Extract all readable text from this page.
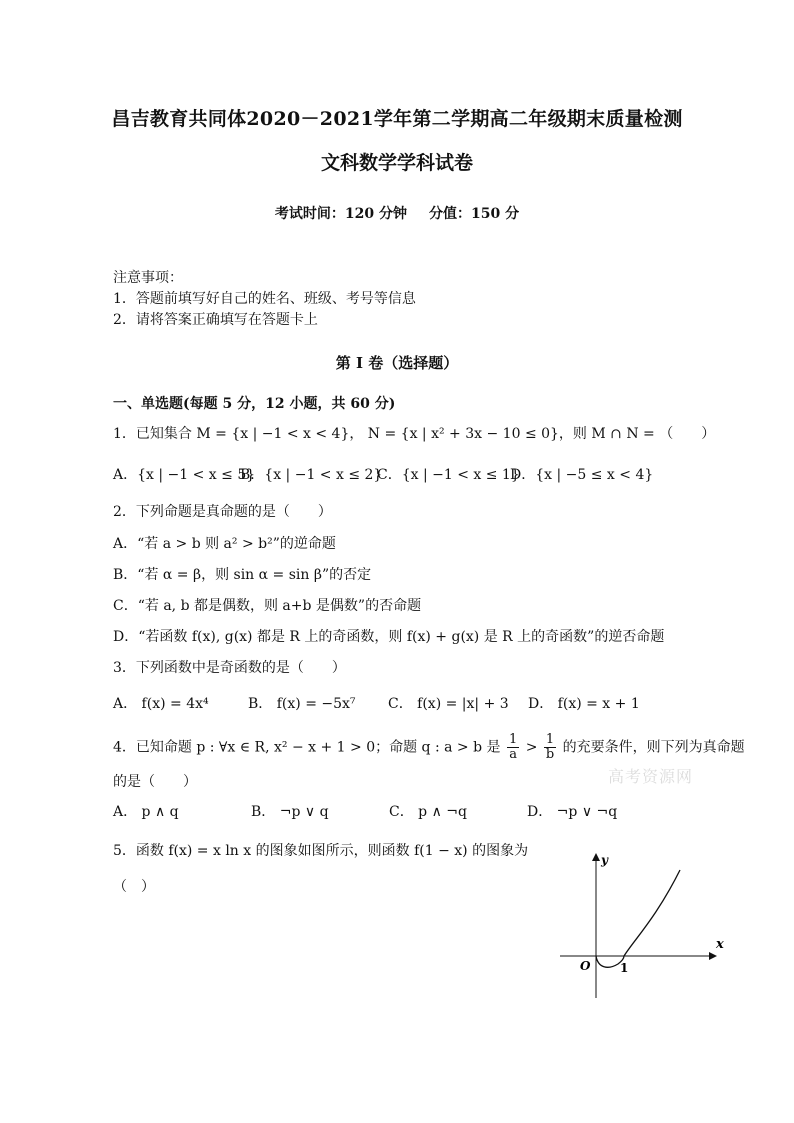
昌吉教育共同体2020－2021学年第二学期高二年级期末质量检测
文科数学学科试卷
考试时间：120 分钟 分值：150 分
注意事项：
1．答题前填写好自己的姓名、班级、考号等信息
2．请将答案正确填写在答题卡上
第 I 卷（选择题）
一、单选题(每题 5 分，12 小题，共 60 分)
1．已知集合 M = {x | −1 < x < 4}， N = {x | x² + 3x − 10 ≤ 0}，则 M ∩ N = （　　）
A．{x | −1 < x ≤ 5}B．{x | −1 < x ≤ 2}C．{x | −1 < x ≤ 1}D．{x | −5 ≤ x < 4}
2．下列命题是真命题的是（　　）
A．“若 a > b 则 a² > b²”的逆命题
B．“若 α = β，则 sin α = sin β”的否定
C．“若 a, b 都是偶数，则 a+b 是偶数”的否命题
D．“若函数 f(x), g(x) 都是 R 上的奇函数，则 f(x) + g(x) 是 R 上的奇函数”的逆否命题
3．下列函数中是奇函数的是（　　）
A． f(x) = 4x⁴	B． f(x) = −5x⁷ C． f(x) = |x| + 3 D． f(x) = x + 1
4．已知命题 p : ∀x ∈ R, x² − x + 1 > 0；命题 q : a > b 是 $\frac{1}{a} > \frac{1}{b}$ 的充要条件，则下列为真命题
的是（　　）
A． p ∧ q	B． ¬p ∨ q	C． p ∧ ¬q	D． ¬p ∨ ¬q
5．函数 f(x) = x ln x 的图象如图所示，则函数 f(1 − x) 的图象为
（　）
x
y
O 1
高考资源网
